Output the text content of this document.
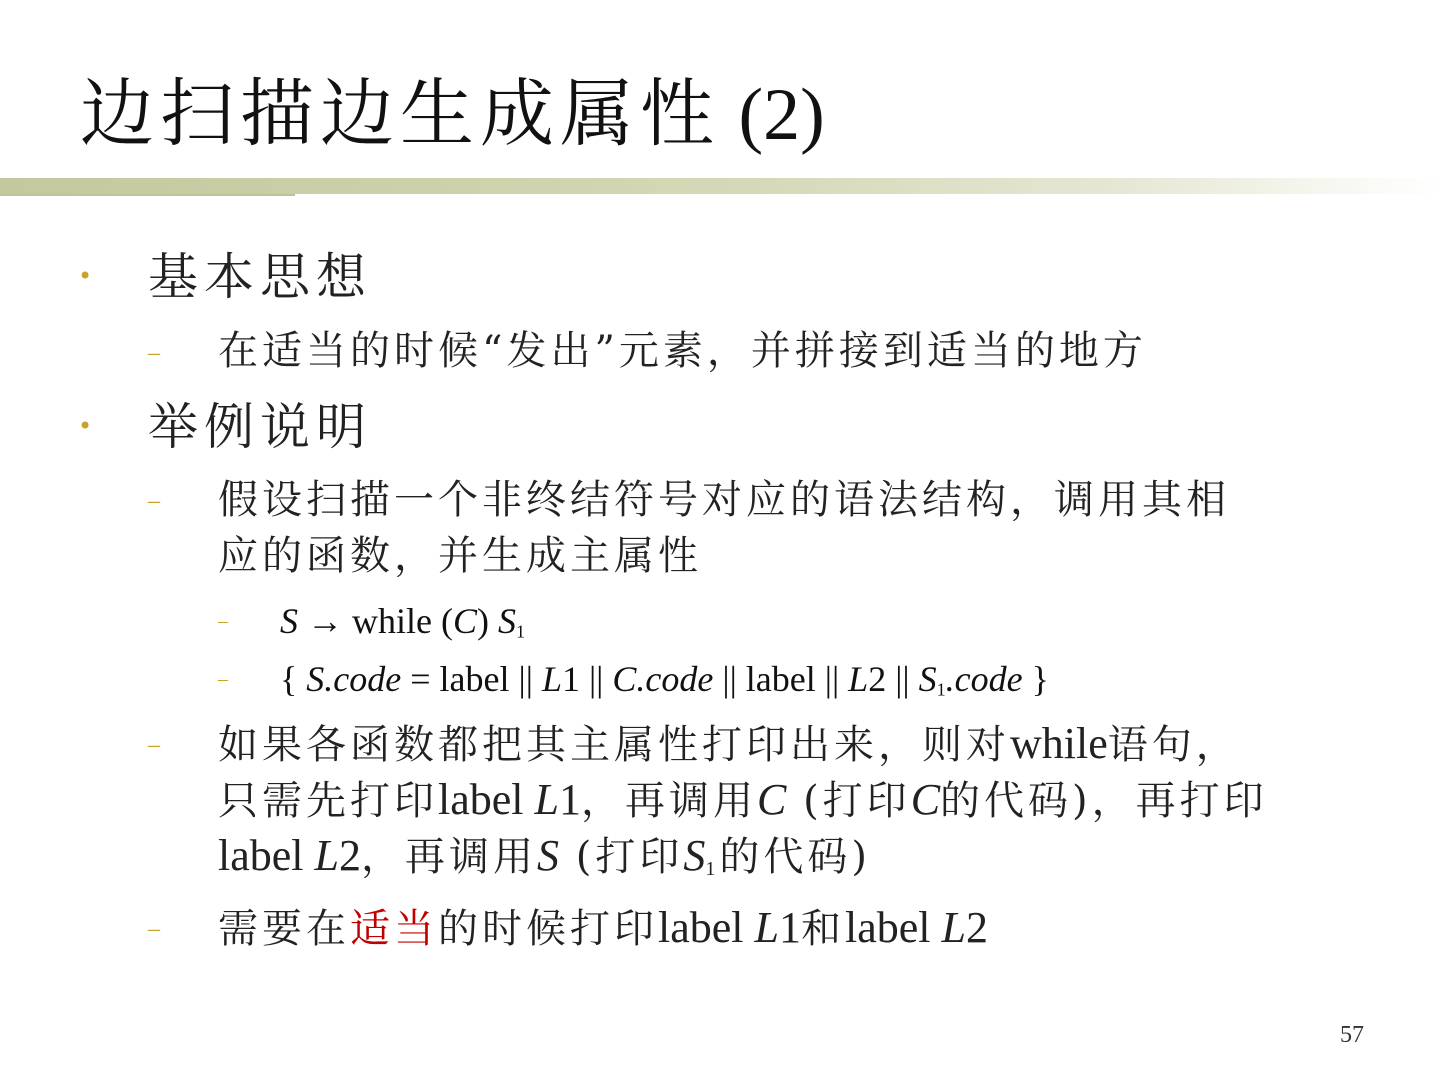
边扫描边生成属性 (2)
• 基本思想
– 在适当的时候“发出”元素，并拼接到适当的地方
• 举例说明
– 假设扫描一个非终结符号对应的语法结构，调用其相
应的函数，并生成主属性
– S → while (C) $S_1$
– { S.code = label || L1 || C.code || label || L2 || $S_1.code$ }
– 如果各函数都把其主属性打印出来，则对while语句，
只需先打印label L1，再调用C (打印C的代码)，再打印
label L2，再调用S (打印$S_1$的代码)
– 需要在适当的时候打印label L1和label L2
57
